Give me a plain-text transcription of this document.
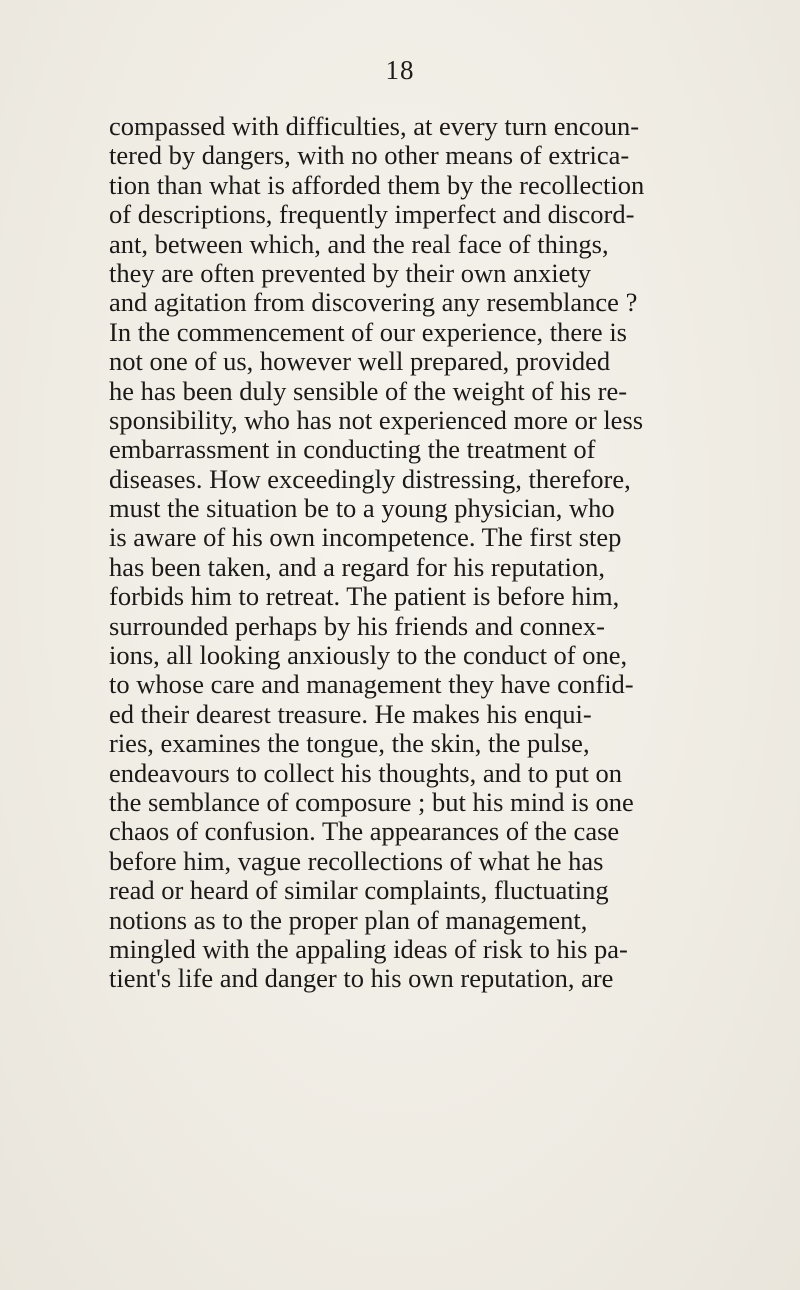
18
compassed with difficulties, at every turn encoun-
tered by dangers, with no other means of extrica-
tion than what is afforded them by the recollection
of descriptions, frequently imperfect and discord-
ant, between which, and the real face of things,
they are often prevented by their own anxiety
and agitation from discovering any resemblance ?
In the commencement of our experience, there is
not one of us, however well prepared, provided
he has been duly sensible of the weight of his re-
sponsibility, who has not experienced more or less
embarrassment in conducting the treatment of
diseases. How exceedingly distressing, therefore,
must the situation be to a young physician, who
is aware of his own incompetence. The first step
has been taken, and a regard for his reputation,
forbids him to retreat. The patient is before him,
surrounded perhaps by his friends and connex-
ions, all looking anxiously to the conduct of one,
to whose care and management they have confid-
ed their dearest treasure. He makes his enqui-
ries, examines the tongue, the skin, the pulse,
endeavours to collect his thoughts, and to put on
the semblance of composure ; but his mind is one
chaos of confusion. The appearances of the case
before him, vague recollections of what he has
read or heard of similar complaints, fluctuating
notions as to the proper plan of management,
mingled with the appaling ideas of risk to his pa-
tient's life and danger to his own reputation, are
